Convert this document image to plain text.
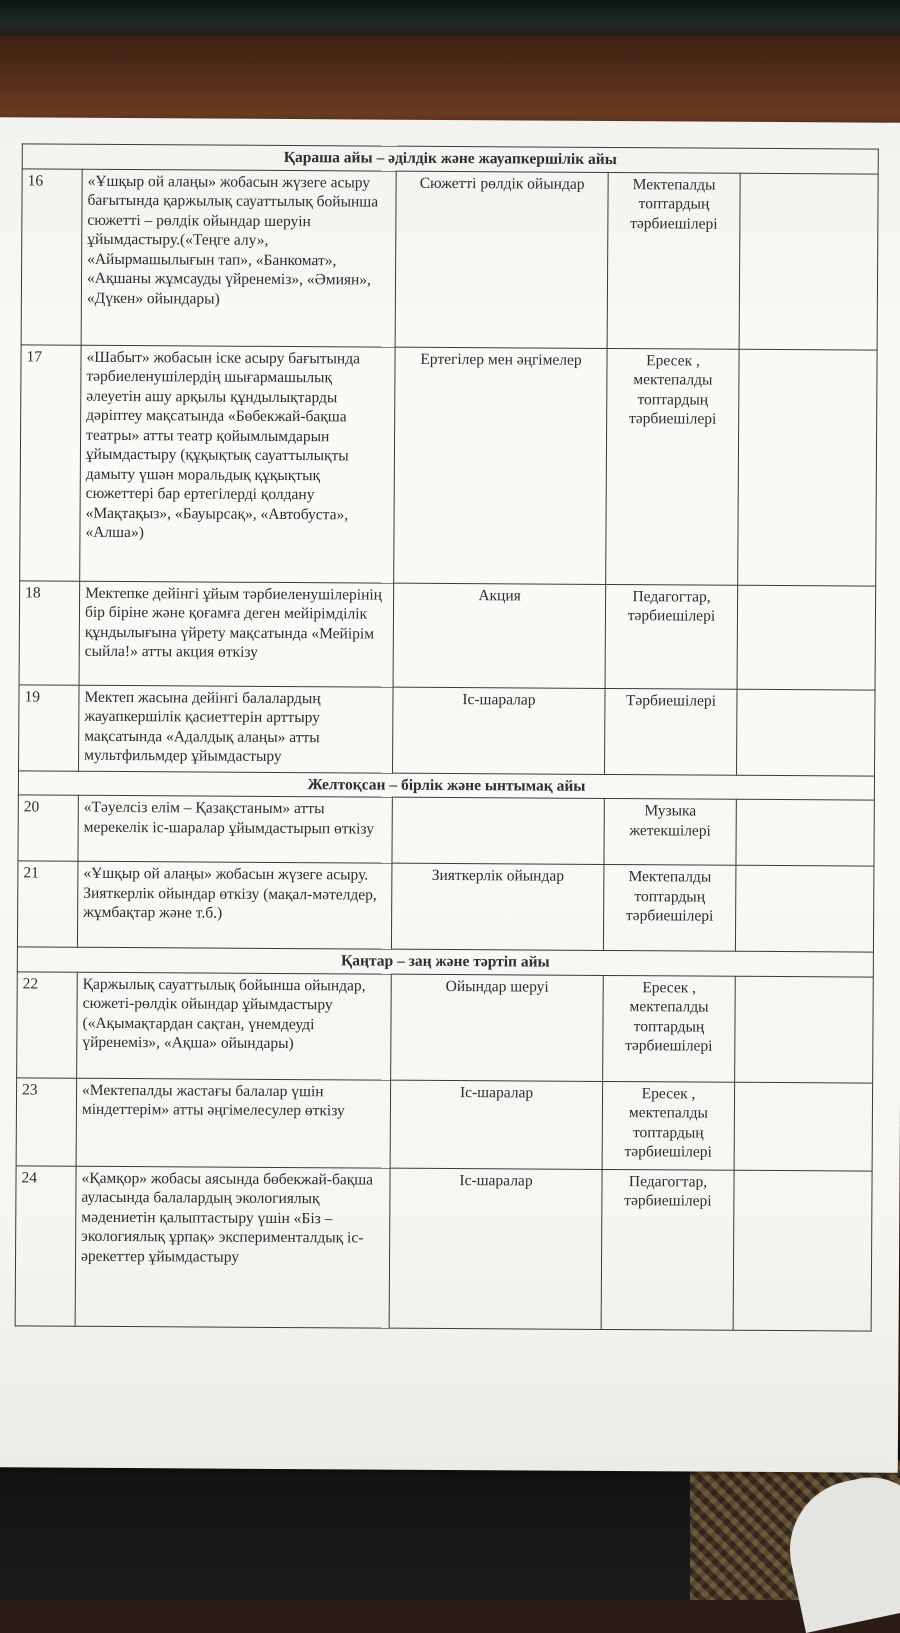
Қараша айы – әділдік және жауапкершілік айы				
16	«Ұшқыр ой алаңы» жобасын жүзеге асыру бағытында қаржылық сауаттылық бойынша сюжетті – рөлдік ойындар шеруін ұйымдастыру.(«Теңге алу», «Айырмашылығын тап», «Банкомат», «Ақшаны жұмсауды үйренеміз», «Әмиян», «Дүкен» ойындары)	Сюжетті рөлдік ойындар	Мектепалды топтардың тәрбиешілері	
17	«Шабыт» жобасын іске асыру бағытында тәрбиеленушілердің шығармашылық әлеуетін ашу арқылы құндылықтарды дәріптеу мақсатында «Бөбекжай-бақша театры» атты театр қойымлымдарын ұйымдастыру (құқықтық сауаттылықты дамыту үшән моральдық құқықтық сюжеттері бар ертегілерді қолдану «Мақтақыз», «Бауырсақ», «Автобуста», «Алша»)	Ертегілер мен әңгімелер	Ересек , мектепалды топтардың тәрбиешілері	
18	Мектепке дейінгі ұйым тәрбиеленушілерінің бір біріне және қоғамға деген мейірімділік құндылығына үйрету мақсатында «Мейірім сыйла!» атты акция өткізу	Акция	Педагогтар, тәрбиешілері	
19	Мектеп жасына дейінгі балалардың жауапкершілік қасиеттерін арттыру мақсатында «Адалдық алаңы» атты мультфильмдер ұйымдастыру	Іс-шаралар	Тәрбиешілері	
Желтоқсан – бірлік және ынтымақ айы				
20	«Тәуелсіз елім – Қазақстаным» атты мерекелік іс-шаралар ұйымдастырып өткізу		Музыка жетекшілері	
21	«Ұшқыр ой алаңы» жобасын жүзеге асыру. Зияткерлік ойындар өткізу (мақал-мәтелдер, жұмбақтар және т.б.)	Зияткерлік ойындар	Мектепалды топтардың тәрбиешілері	
Қаңтар – заң және тәртіп айы				
22	Қаржылық сауаттылық бойынша ойындар, сюжеті-рөлдік ойындар ұйымдастыру («Ақымақтардан сақтан, үнемдеуді үйренеміз», «Ақша» ойындары)	Ойындар шеруі	Ересек , мектепалды топтардың тәрбиешілері	
23	«Мектепалды жастағы балалар үшін міндеттерім» атты әңгімелесулер өткізу	Іс-шаралар	Ересек , мектепалды топтардың тәрбиешілері	
24	«Қамқор» жобасы аясында бөбекжай-бақша ауласында балалардың экологиялық мәдениетін қалыптастыру үшін «Біз – экологиялық ұрпақ» эксперименталдық іс-әрекеттер ұйымдастыру	Іс-шаралар	Педагогтар, тәрбиешілері	
